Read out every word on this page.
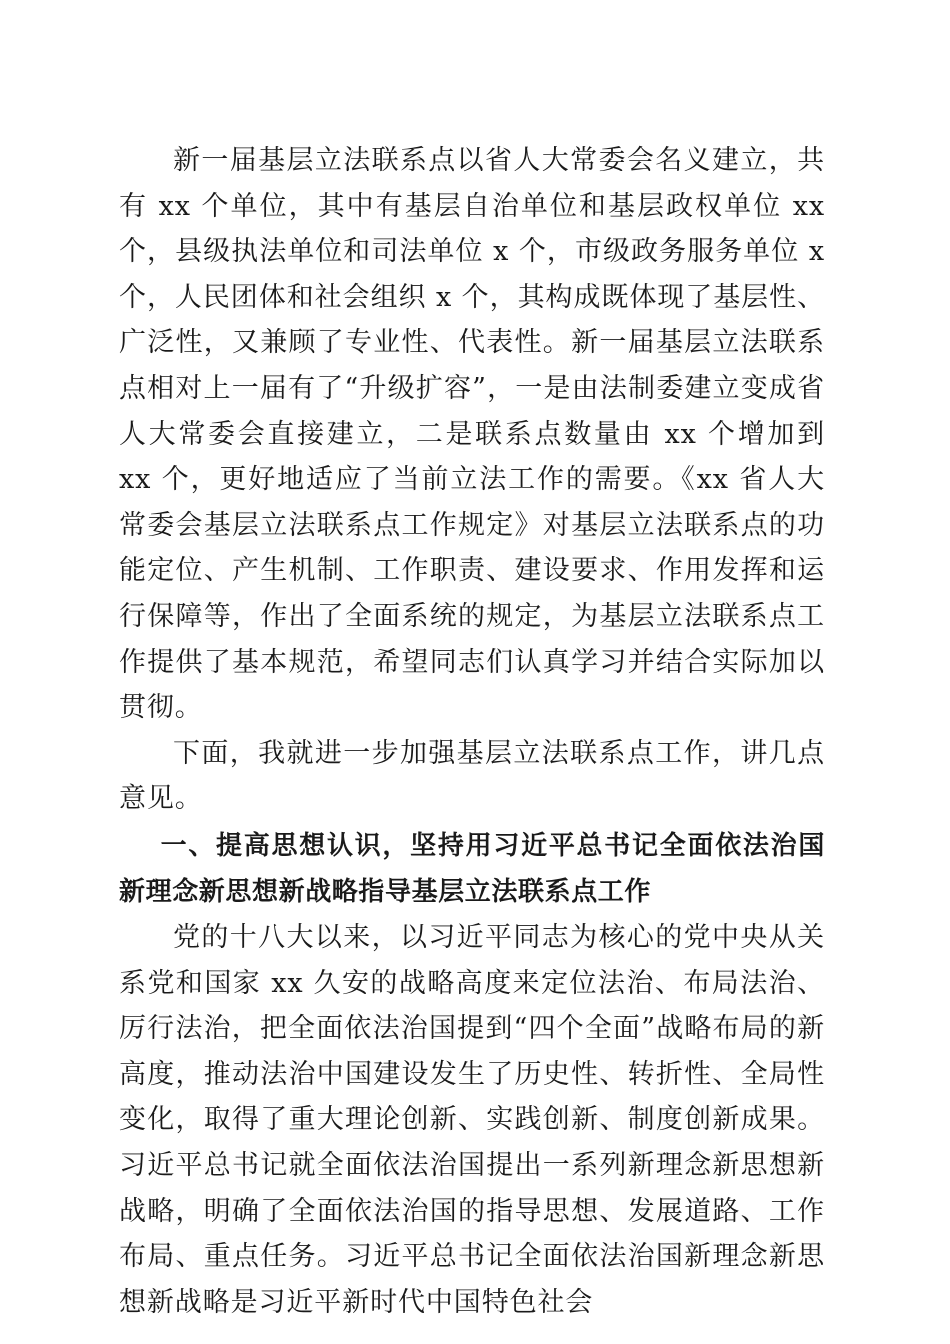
新一届基层立法联系点以省人大常委会名义建立，共有 xx 个单位，其中有基层自治单位和基层政权单位 xx 个，县级执法单位和司法单位 x 个，市级政务服务单位 x 个，人民团体和社会组织 x 个，其构成既体现了基层性、广泛性，又兼顾了专业性、代表性。新一届基层立法联系点相对上一届有了“升级扩容”，一是由法制委建立变成省人大常委会直接建立，二是联系点数量由 xx 个增加到 xx 个，更好地适应了当前立法工作的需要。《xx 省人大常委会基层立法联系点工作规定》对基层立法联系点的功能定位、产生机制、工作职责、建设要求、作用发挥和运行保障等，作出了全面系统的规定，为基层立法联系点工作提供了基本规范，希望同志们认真学习并结合实际加以贯彻。

下面，我就进一步加强基层立法联系点工作，讲几点意见。

一、提高思想认识，坚持用习近平总书记全面依法治国新理念新思想新战略指导基层立法联系点工作

党的十八大以来，以习近平同志为核心的党中央从关系党和国家 xx 久安的战略高度来定位法治、布局法治、厉行法治，把全面依法治国提到“四个全面”战略布局的新高度，推动法治中国建设发生了历史性、转折性、全局性变化，取得了重大理论创新、实践创新、制度创新成果。习近平总书记就全面依法治国提出一系列新理念新思想新战略，明确了全面依法治国的指导思想、发展道路、工作布局、重点任务。习近平总书记全面依法治国新理念新思想新战略是习近平新时代中国特色社会
